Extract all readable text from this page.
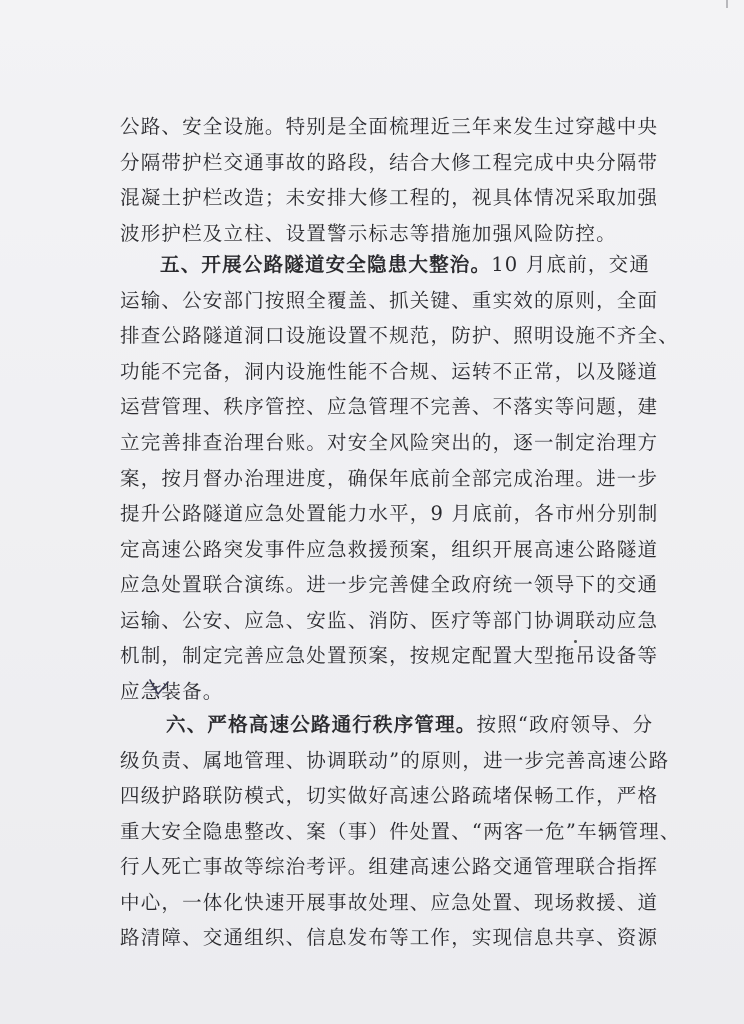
公路、安全设施。特别是全面梳理近三年来发生过穿越中央
分隔带护栏交通事故的路段，结合大修工程完成中央分隔带
混凝土护栏改造；未安排大修工程的，视具体情况采取加强
波形护栏及立柱、设置警示标志等措施加强风险防控。
五、开展公路隧道安全隐患大整治。10 月底前，交通
运输、公安部门按照全覆盖、抓关键、重实效的原则，全面
排查公路隧道洞口设施设置不规范，防护、照明设施不齐全、
功能不完备，洞内设施性能不合规、运转不正常，以及隧道
运营管理、秩序管控、应急管理不完善、不落实等问题，建
立完善排查治理台账。对安全风险突出的，逐一制定治理方
案，按月督办治理进度，确保年底前全部完成治理。进一步
提升公路隧道应急处置能力水平，9 月底前，各市州分别制
定高速公路突发事件应急救援预案，组织开展高速公路隧道
应急处置联合演练。进一步完善健全政府统一领导下的交通
运输、公安、应急、安监、消防、医疗等部门协调联动应急
机制，制定完善应急处置预案，按规定配置大型拖吊设备等
应急装备。
六、严格高速公路通行秩序管理。按照“政府领导、分
级负责、属地管理、协调联动”的原则，进一步完善高速公路
四级护路联防模式，切实做好高速公路疏堵保畅工作，严格
重大安全隐患整改、案（事）件处置、“两客一危”车辆管理、
行人死亡事故等综治考评。组建高速公路交通管理联合指挥
中心，一体化快速开展事故处理、应急处置、现场救援、道
路清障、交通组织、信息发布等工作，实现信息共享、资源
